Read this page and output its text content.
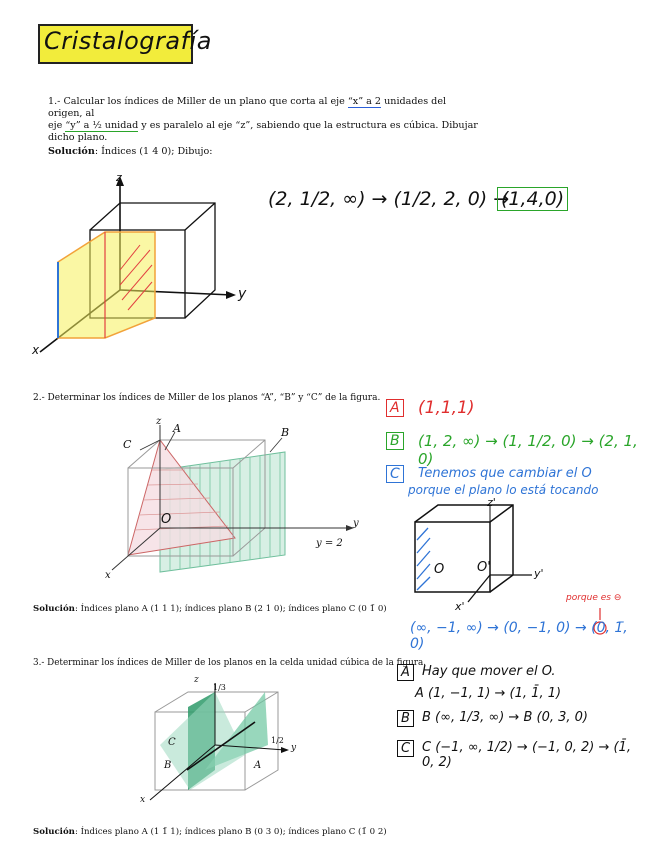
Cristalografía
1.- Calcular los índices de Miller de un plano que corta al eje “x” a 2 unidades del origen, al
eje “y” a ½ unidad y es paralelo al eje “z”, sabiendo que la estructura es cúbica. Dibujar
dicho plano.
Solución: Índices (1 4 0); Dibujo:
z
y
x
(2, 1/2, ∞) → (1/2, 2, 0) →
(1,4,0)
2.- Determinar los índices de Miller de los planos “A”, “B” y “C” de la figura.
z
C
A	B
y
y = 2
x
O
Solución: Índices plano A (1 1 1); índices plano B (2 1 0); índices plano C (0 1̄ 0)
A (1,1,1)
B (1, 2, ∞) → (1, 1/2, 0) → (2, 1, 0)
C	Tenemos que cambiar el O
porque el plano lo está tocando
z'
O	O'	y'
x'
porque es ⊖
(∞, −1, ∞) → (0, −1, 0) → (0, 1̄, 0)
3.- Determinar los índices de Miller de los planos en la celda unidad cúbica de la figura.
z
1/3
C
B	A
1/2
y
x
Solución: Índices plano A (1 1̄ 1); índices plano B (0 3 0); índices plano C (1̄ 0 2)
A Hay que mover el O.
A (1, −1, 1) → (1, 1̄, 1)
B B (∞, 1/3, ∞) → B (0, 3, 0)
C C (−1, ∞, 1/2) → (−1, 0, 2) → (1̄, 0, 2)
